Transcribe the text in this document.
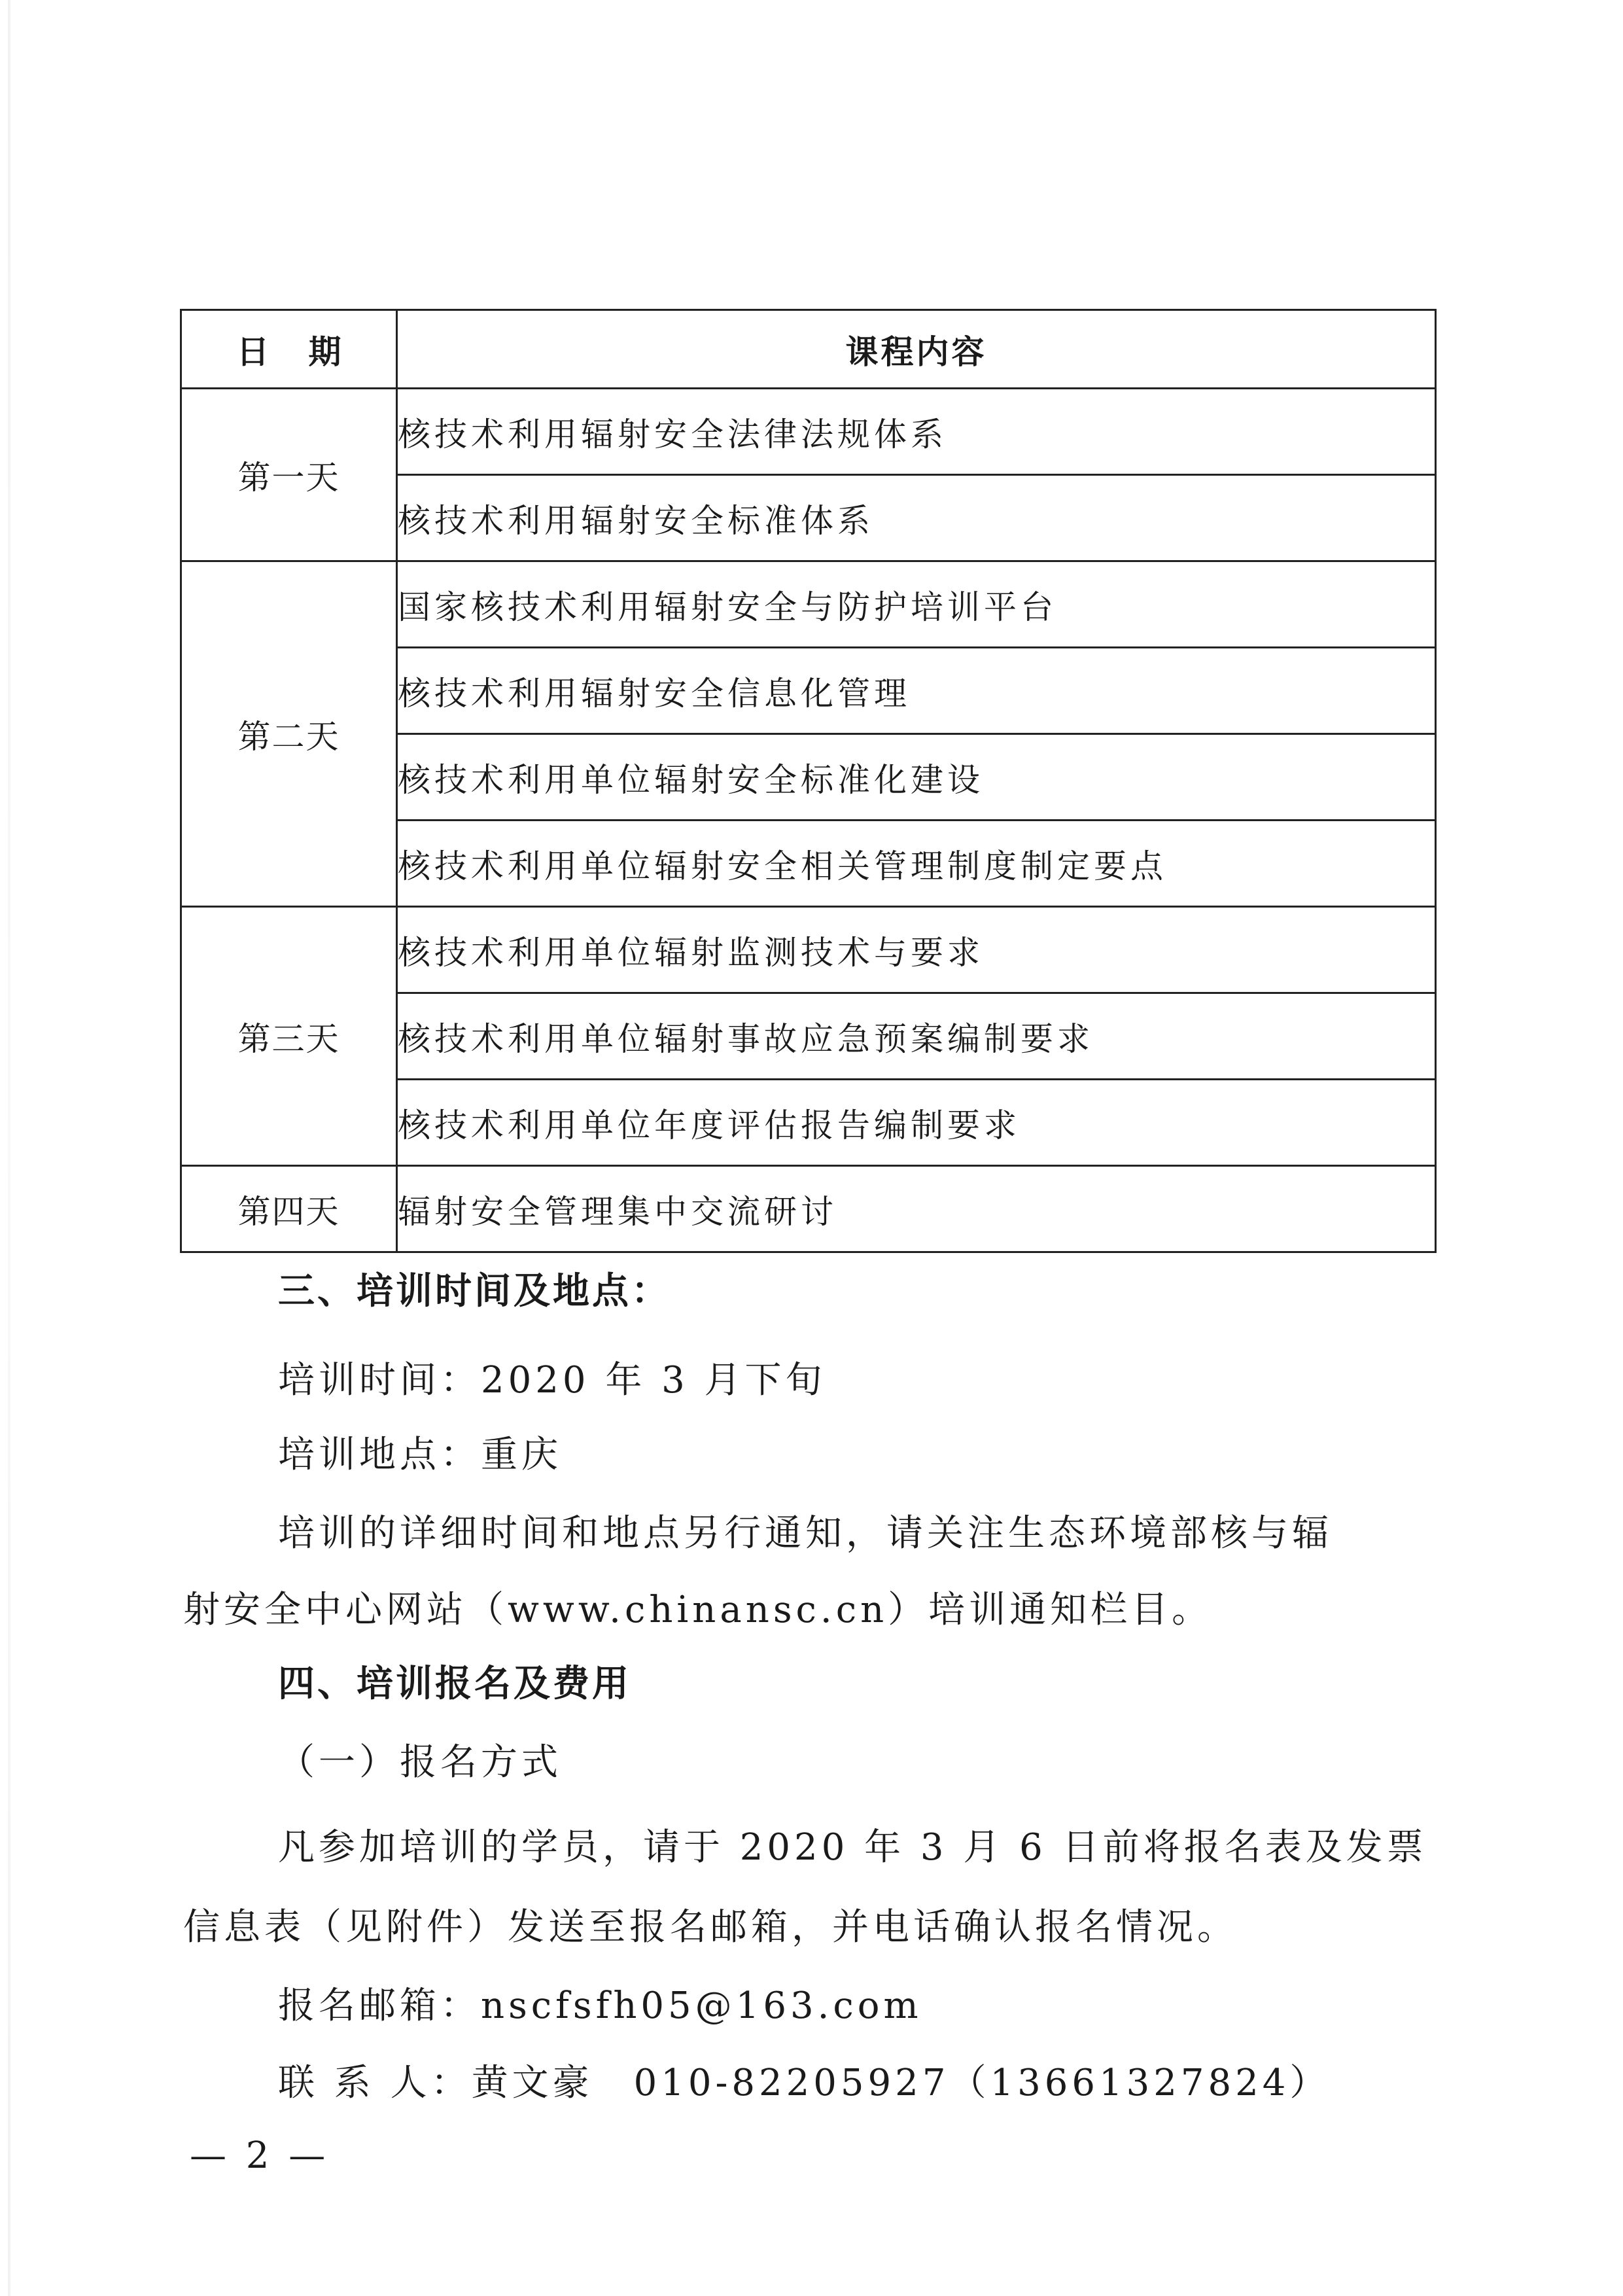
日期	课程内容
第一天	核技术利用辐射安全法律法规体系
	核技术利用辐射安全标准体系
第二天	国家核技术利用辐射安全与防护培训平台
	核技术利用辐射安全信息化管理
	核技术利用单位辐射安全标准化建设
	核技术利用单位辐射安全相关管理制度制定要点
第三天	核技术利用单位辐射监测技术与要求
	核技术利用单位辐射事故应急预案编制要求
	核技术利用单位年度评估报告编制要求
第四天	辐射安全管理集中交流研讨
三、培训时间及地点：
培训时间：2020 年 3 月下旬
培训地点：重庆
培训的详细时间和地点另行通知，请关注生态环境部核与辐
射安全中心网站（www.chinansc.cn）培训通知栏目。
四、培训报名及费用
（一）报名方式
凡参加培训的学员，请于 2020 年 3 月 6 日前将报名表及发票
信息表（见附件）发送至报名邮箱，并电话确认报名情况。
报名邮箱：nscfsfh05@163.com
联 系 人：黄文豪　010-82205927（13661327824）
— 2 —
